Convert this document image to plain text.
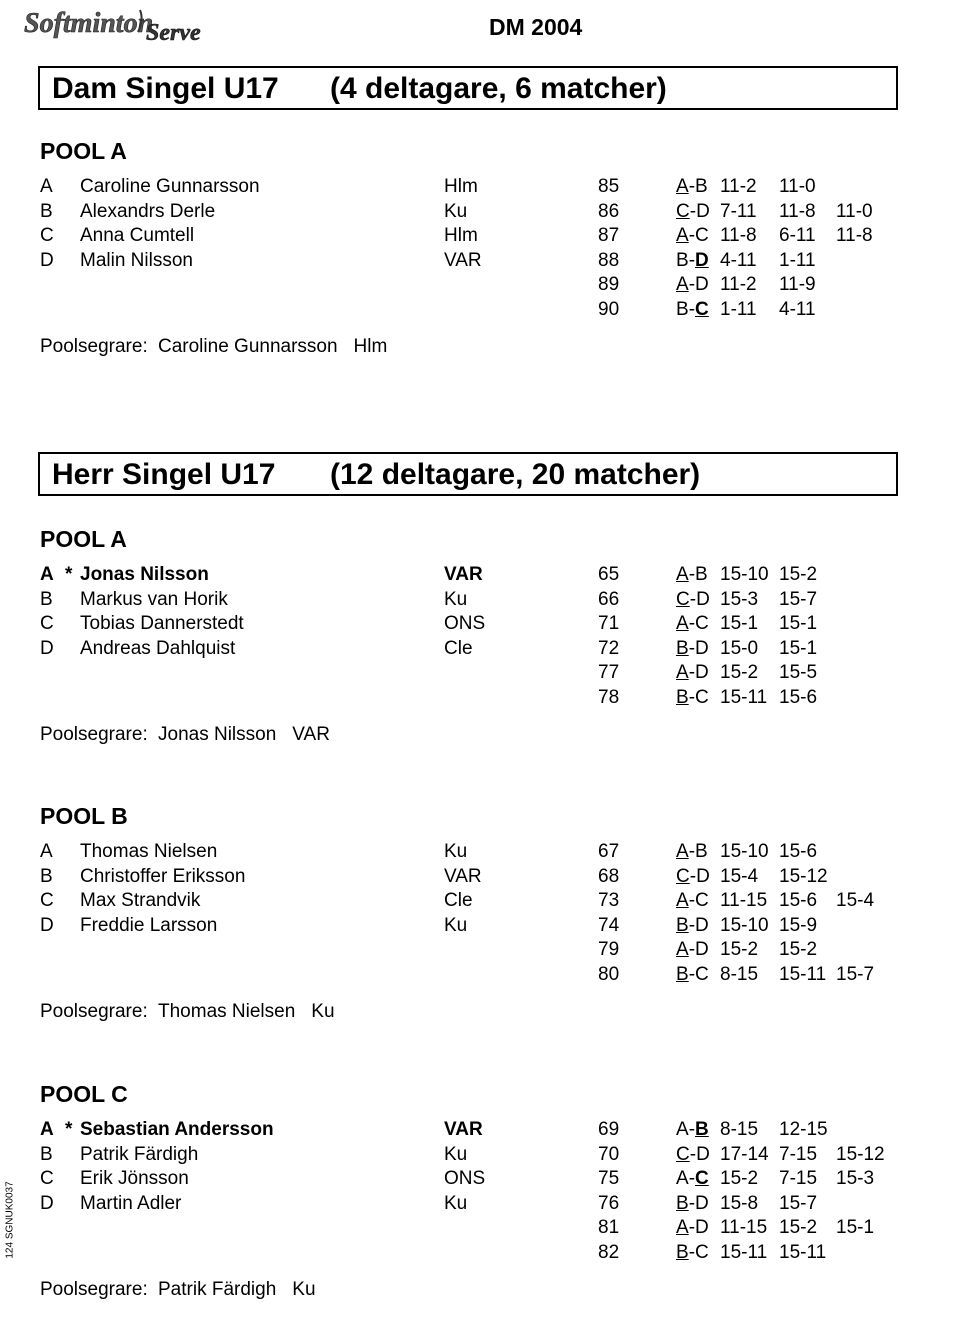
Softminton
Serve	DM 2004
124 SGNUK0037
Dam Singel U17 (4 deltagare, 6 matcher)
POOL A
A Caroline Gunnarsson	Hlm
B Alexandrs Derle	Ku
C Anna Cumtell	Hlm
D Malin Nilsson	VAR
85	A-B 11-2 11-0
86	C-D 7-11 11-8 11-0
87	A-C 11-8 6-11 11-8
88	B-D 4-11 1-11
89	A-D 11-2 11-9
90	B-C 1-11 4-11
Poolsegrare: Caroline Gunnarsson Hlm
Herr Singel U17 (12 deltagare, 20 matcher)
POOL A
A * Jonas Nilsson	VAR
B Markus van Horik	Ku
C Tobias Dannerstedt	ONS
D Andreas Dahlquist	Cle
65	A-B 15-10 15-2
66	C-D 15-3 15-7
71	A-C 15-1 15-1
72	B-D 15-0 15-1
77	A-D 15-2 15-5
78	B-C 15-11 15-6
Poolsegrare: Jonas Nilsson VAR
POOL B
A Thomas Nielsen	Ku
B Christoffer Eriksson	VAR
C Max Strandvik	Cle
D Freddie Larsson	Ku
67	A-B 15-10 15-6
68	C-D 15-4 15-12
73	A-C 11-15 15-6 15-4
74	B-D 15-10 15-9
79	A-D 15-2 15-2
80	B-C 8-15 15-11 15-7
Poolsegrare: Thomas Nielsen Ku
POOL C
A * Sebastian Andersson	VAR
B Patrik Färdigh	Ku
C Erik Jönsson	ONS
D Martin Adler	Ku
69	A-B 8-15 12-15
70	C-D 17-14 7-15 15-12
75	A-C 15-2 7-15 15-3
76	B-D 15-8 15-7
81	A-D 11-15 15-2 15-1
82	B-C 15-11 15-11
Poolsegrare: Patrik Färdigh Ku
